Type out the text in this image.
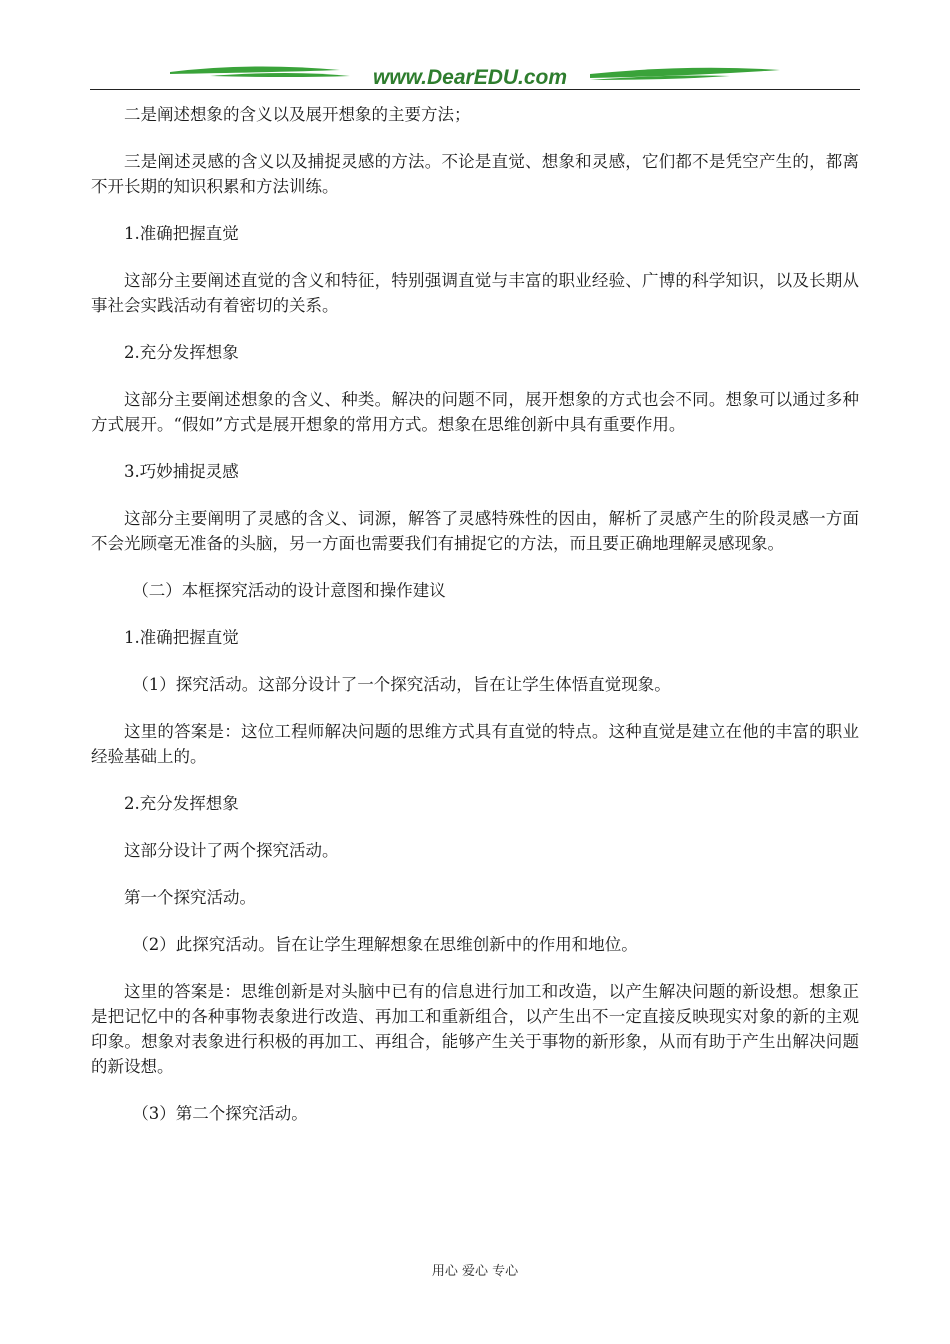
www.DearEDU.com

二是阐述想象的含义以及展开想象的主要方法；

三是阐述灵感的含义以及捕捉灵感的方法。不论是直觉、想象和灵感，它们都不是凭空产生的，都离不开长期的知识积累和方法训练。

1.准确把握直觉

这部分主要阐述直觉的含义和特征，特别强调直觉与丰富的职业经验、广博的科学知识，以及长期从事社会实践活动有着密切的关系。

2.充分发挥想象

这部分主要阐述想象的含义、种类。解决的问题不同，展开想象的方式也会不同。想象可以通过多种方式展开。“假如”方式是展开想象的常用方式。想象在思维创新中具有重要作用。

3.巧妙捕捉灵感

这部分主要阐明了灵感的含义、词源，解答了灵感特殊性的因由，解析了灵感产生的阶段灵感一方面不会光顾毫无准备的头脑，另一方面也需要我们有捕捉它的方法，而且要正确地理解灵感现象。

（二）本框探究活动的设计意图和操作建议

1.准确把握直觉

（1）探究活动。这部分设计了一个探究活动，旨在让学生体悟直觉现象。

这里的答案是：这位工程师解决问题的思维方式具有直觉的特点。这种直觉是建立在他的丰富的职业经验基础上的。

2.充分发挥想象

这部分设计了两个探究活动。

第一个探究活动。

（2）此探究活动。旨在让学生理解想象在思维创新中的作用和地位。

这里的答案是：思维创新是对头脑中已有的信息进行加工和改造，以产生解决问题的新设想。想象正是把记忆中的各种事物表象进行改造、再加工和重新组合，以产生出不一定直接反映现实对象的新的主观印象。想象对表象进行积极的再加工、再组合，能够产生关于事物的新形象，从而有助于产生出解决问题的新设想。

（3）第二个探究活动。

用心 爱心 专心
